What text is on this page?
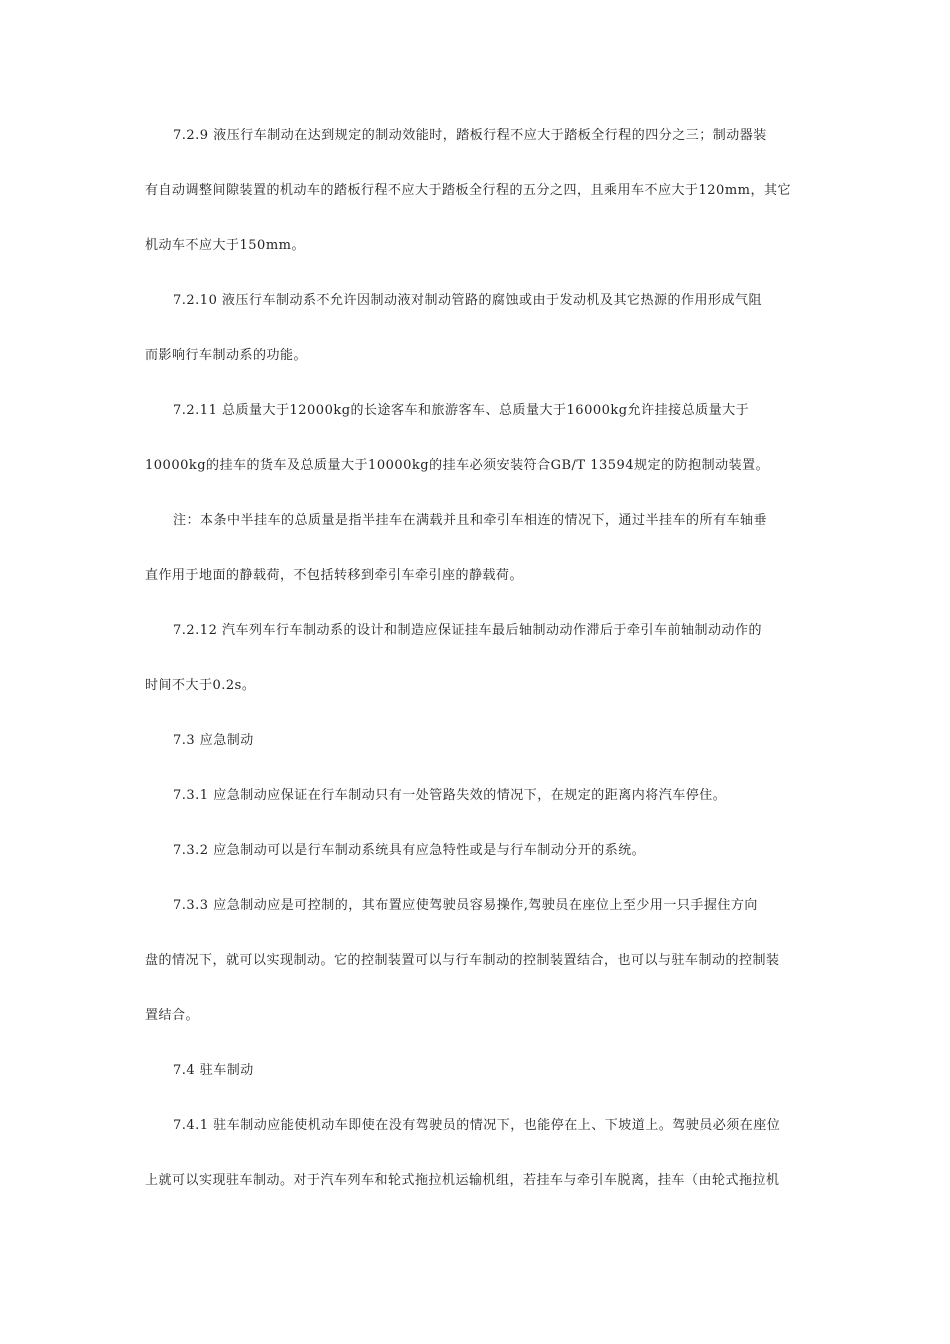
7.2.9 液压行车制动在达到规定的制动效能时，踏板行程不应大于踏板全行程的四分之三；制动器装
有自动调整间隙装置的机动车的踏板行程不应大于踏板全行程的五分之四，且乘用车不应大于120mm，其它
机动车不应大于150mm。

7.2.10 液压行车制动系不允许因制动液对制动管路的腐蚀或由于发动机及其它热源的作用形成气阻
而影响行车制动系的功能。

7.2.11 总质量大于12000kg的长途客车和旅游客车、总质量大于16000kg允许挂接总质量大于
10000kg的挂车的货车及总质量大于10000kg的挂车必须安装符合GB/T 13594规定的防抱制动装置。

注：本条中半挂车的总质量是指半挂车在满载并且和牵引车相连的情况下，通过半挂车的所有车轴垂
直作用于地面的静载荷，不包括转移到牵引车牵引座的静载荷。

7.2.12 汽车列车行车制动系的设计和制造应保证挂车最后轴制动动作滞后于牵引车前轴制动动作的
时间不大于0.2s。

7.3 应急制动

7.3.1 应急制动应保证在行车制动只有一处管路失效的情况下，在规定的距离内将汽车停住。

7.3.2 应急制动可以是行车制动系统具有应急特性或是与行车制动分开的系统。

7.3.3 应急制动应是可控制的，其布置应使驾驶员容易操作,驾驶员在座位上至少用一只手握住方向
盘的情况下，就可以实现制动。它的控制装置可以与行车制动的控制装置结合，也可以与驻车制动的控制装
置结合。

7.4 驻车制动

7.4.1 驻车制动应能使机动车即使在没有驾驶员的情况下，也能停在上、下坡道上。驾驶员必须在座位
上就可以实现驻车制动。对于汽车列车和轮式拖拉机运输机组，若挂车与牵引车脱离，挂车（由轮式拖拉机
